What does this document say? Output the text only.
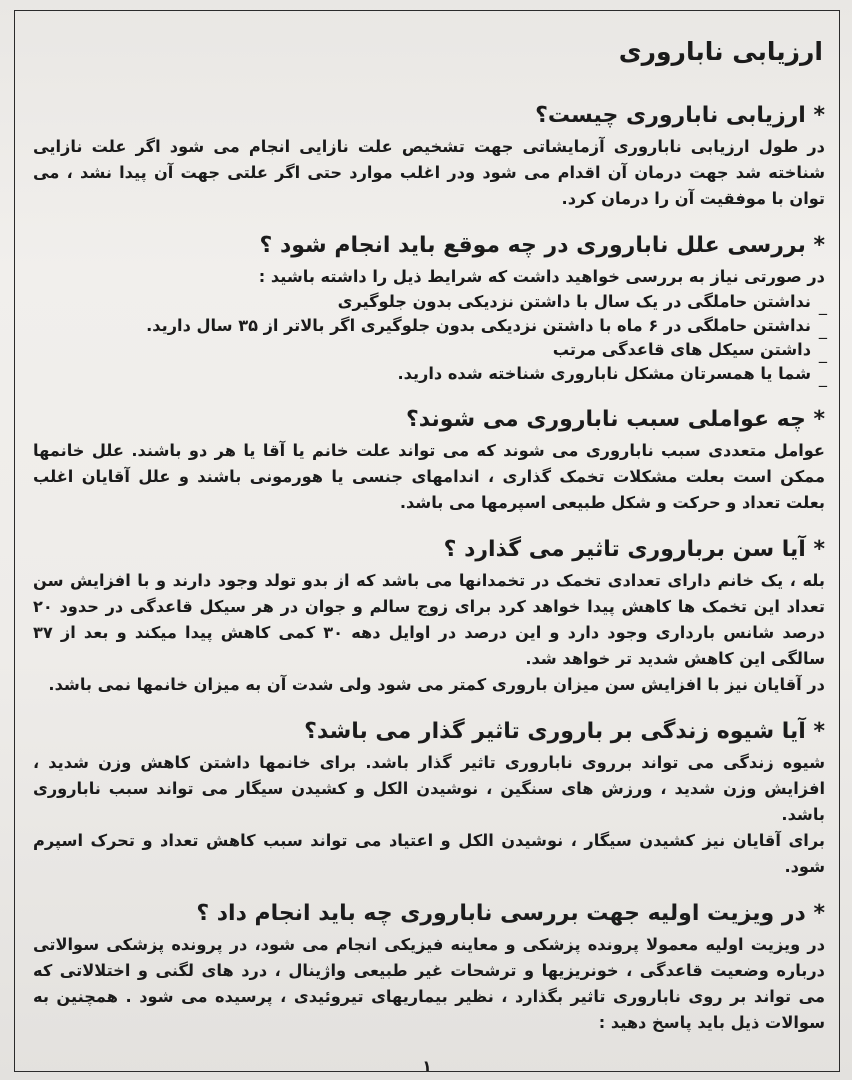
ارزیابی ناباروری
* ارزیابی ناباروری چیست؟

در طول ارزیابی ناباروری آزمایشاتی جهت تشخیص علت نازایی انجام می شود اگر علت نازایی شناخته شد جهت درمان آن اقدام می شود ودر اغلب موارد حتی اگر علتی جهت آن پیدا نشد ، می توان با موفقیت آن را درمان کرد.

* بررسی علل ناباروری در چه موقع باید انجام شود ؟

در صورتی نیاز به بررسی خواهید داشت که شرایط ذیل را داشته باشید :

_ نداشتن حاملگی در یک سال با داشتن نزدیکی بدون جلوگیری
_ نداشتن حاملگی در ۶ ماه با داشتن نزدیکی بدون جلوگیری اگر بالاتر از ۳۵ سال دارید.
_ داشتن سیکل های قاعدگی مرتب
_ شما یا همسرتان مشکل ناباروری شناخته شده دارید.
* چه عواملی سبب ناباروری می شوند؟

عوامل متعددی سبب ناباروری می شوند که می تواند علت خانم یا آقا یا هر دو باشند. علل خانمها ممکن است بعلت مشکلات تخمک گذاری ، اندامهای جنسی یا هورمونی باشند و علل آقایان اغلب بعلت تعداد و حرکت و شکل طبیعی اسپرمها می باشد.

* آیا سن برباروری تاثیر می گذارد ؟

بله ، یک خانم دارای تعدادی تخمک در تخمدانها می باشد که از بدو تولد وجود دارند و با افزایش سن تعداد این تخمک ها کاهش پیدا خواهد کرد برای زوج سالم و جوان در هر سیکل قاعدگی در حدود ۲۰ درصد شانس بارداری وجود دارد و این درصد در اوایل دهه ۳۰ کمی کاهش پیدا میکند و بعد از ۳۷ سالگی این کاهش شدید تر خواهد شد.

در آقایان نیز با افزایش سن میزان باروری کمتر می شود ولی شدت آن به میزان خانمها نمی باشد.

* آیا شیوه زندگی بر باروری تاثیر گذار می باشد؟

شیوه زندگی می تواند برروی ناباروری تاثیر گذار باشد. برای خانمها داشتن کاهش وزن شدید ، افزایش وزن شدید ، ورزش های سنگین ، نوشیدن الکل و کشیدن سیگار می تواند سبب ناباروری باشد.

برای آقایان نیز کشیدن سیگار ، نوشیدن الکل و اعتیاد می تواند سبب کاهش تعداد و تحرک اسپرم شود.

* در ویزیت اولیه جهت بررسی ناباروری چه باید انجام داد ؟

در ویزیت اولیه معمولا پرونده پزشکی و معاینه فیزیکی انجام می شود، در پرونده پزشکی سوالاتی درباره وضعیت قاعدگی ، خونریزیها و ترشحات غیر طبیعی واژینال ، درد های لگنی و اختلالاتی که می تواند بر روی ناباروری تاثیر بگذارد ، نظیر بیماریهای تیروئیدی ، پرسیده می شود . همچنین به سوالات ذیل باید پاسخ دهید :

۱
